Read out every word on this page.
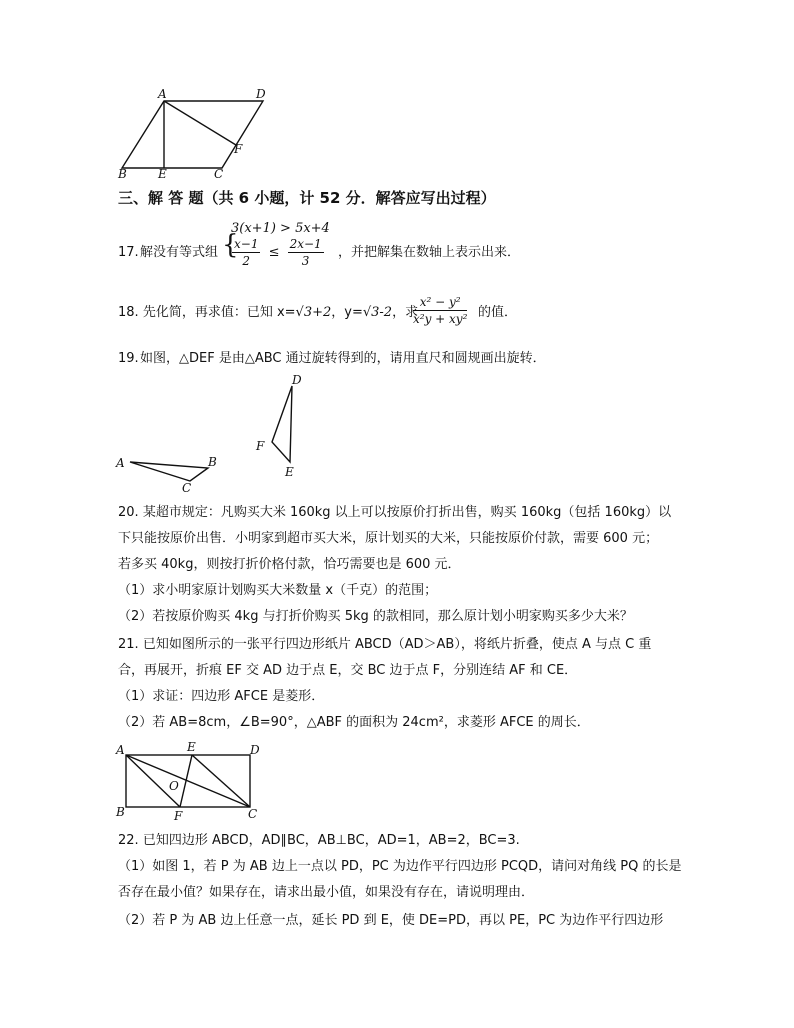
A	D
F
B	E	C
三、解 答 题（共 6 小题，计 52 分．解答应写出过程）
3(x+1) > 5x+4
17. 解没有等式组 {
$\frac{x-1}{2} \le \frac{2x-1}{3}$ ，并把解集在数轴上表示出来．
18. 先化简，再求值：已知 x=√3+2，y=√3-2，求
$\frac{\text{x² − y²}}{\text{x²y + xy²}}$ 的值．
19. 如图，△DEF 是由△ABC 通过旋转得到的，请用直尺和圆规画出旋转．
A	B
C
D
F
E
20. 某超市规定：凡购买大米 160kg 以上可以按原价打折出售，购买 160kg（包括 160kg）以
下只能按原价出售．小明家到超市买大米，原计划买的大米，只能按原价付款，需要 600 元；
若多买 40kg，则按打折价格付款，恰巧需要也是 600 元．
（1）求小明家原计划购买大米数量 x（千克）的范围；
（2）若按原价购买 4kg 与打折价购买 5kg 的款相同，那么原计划小明家购买多少大米？
21. 已知如图所示的一张平行四边形纸片 ABCD（AD＞AB），将纸片折叠，使点 A 与点 C 重
合，再展开，折痕 EF 交 AD 边于点 E，交 BC 边于点 F，分别连结 AF 和 CE．
（1）求证：四边形 AFCE 是菱形．
（2）若 AB=8cm，∠B=90°，△ABF 的面积为 24cm²，求菱形 AFCE 的周长．
A	E	D
O
B	F	C
22. 已知四边形 ABCD，AD∥BC，AB⊥BC，AD=1，AB=2，BC=3.
（1）如图 1，若 P 为 AB 边上一点以 PD，PC 为边作平行四边形 PCQD，请问对角线 PQ 的长是
否存在最小值？如果存在，请求出最小值，如果没有存在，请说明理由．
（2）若 P 为 AB 边上任意一点，延长 PD 到 E，使 DE=PD，再以 PE，PC 为边作平行四边形
